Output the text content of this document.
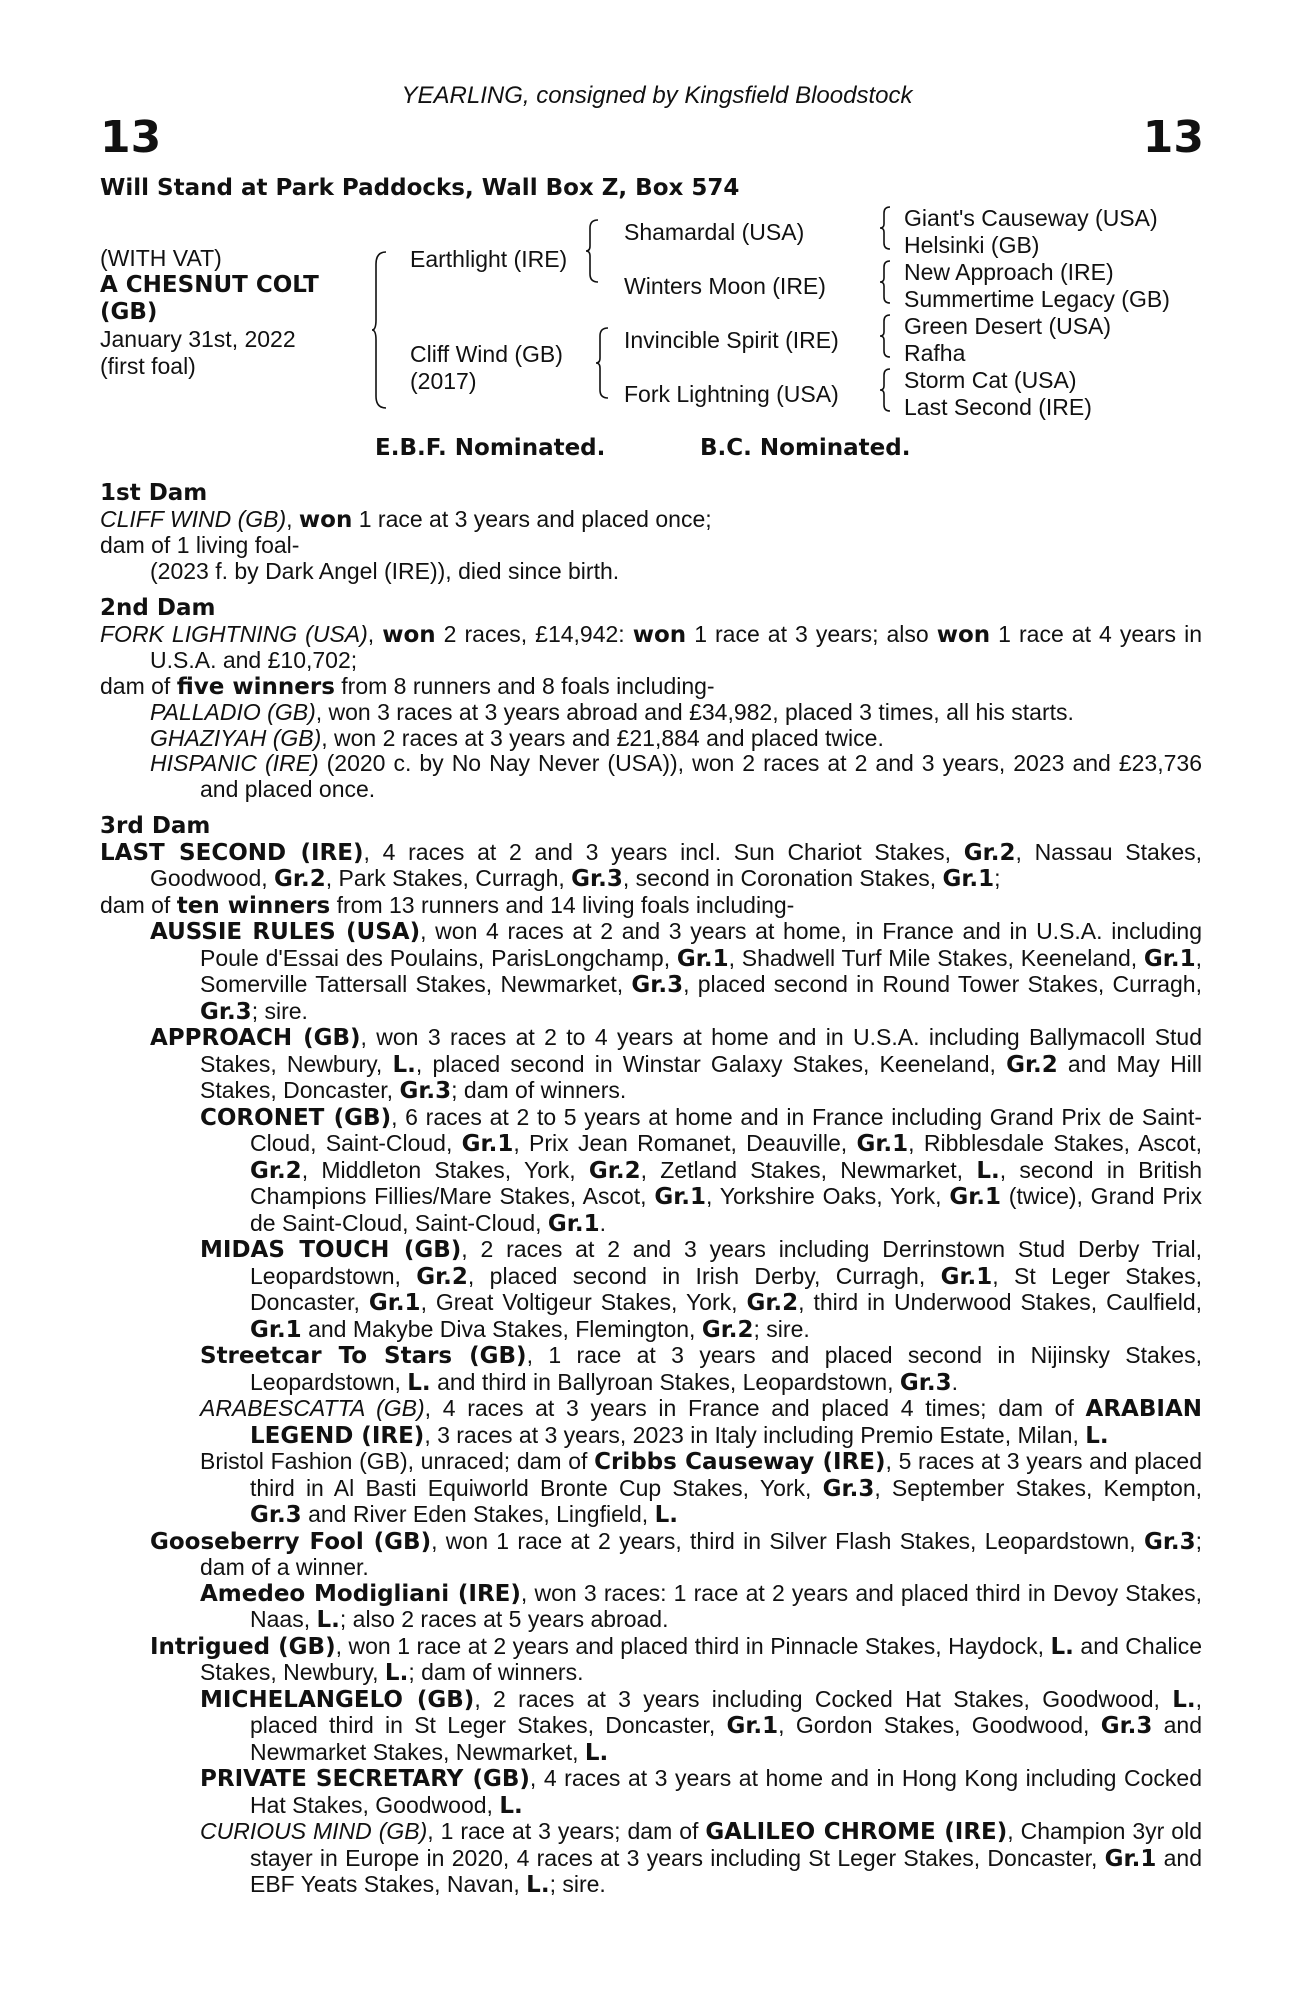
YEARLING, consigned by Kingsfield Bloodstock
13	13
Will Stand at Park Paddocks, Wall Box Z, Box 574
(WITH VAT)
A CHESNUT COLT
(GB)
January 31st, 2022
(first foal)
Earthlight (IRE)
Cliff Wind (GB)
(2017)
Shamardal (USA)
Winters Moon (IRE)
Invincible Spirit (IRE)
Fork Lightning (USA)
Giant's Causeway (USA)
Helsinki (GB)
New Approach (IRE)
Summertime Legacy (GB)
Green Desert (USA)
Rafha
Storm Cat (USA)
Last Second (IRE)
E.B.F. Nominated.	B.C. Nominated.
1st Dam
CLIFF WIND (GB), won 1 race at 3 years and placed once;
dam of 1 living foal-
(2023 f. by Dark Angel (IRE)), died since birth.
2nd Dam
FORK LIGHTNING (USA), won 2 races, £14,942: won 1 race at 3 years; also won 1 race at 4 years in U.S.A. and £10,702;
dam of five winners from 8 runners and 8 foals including-
PALLADIO (GB), won 3 races at 3 years abroad and £34,982, placed 3 times, all his starts.
GHAZIYAH (GB), won 2 races at 3 years and £21,884 and placed twice.
HISPANIC (IRE) (2020 c. by No Nay Never (USA)), won 2 races at 2 and 3 years, 2023 and £23,736 and placed once.
3rd Dam
LAST SECOND (IRE), 4 races at 2 and 3 years incl. Sun Chariot Stakes, Gr.2, Nassau Stakes, Goodwood, Gr.2, Park Stakes, Curragh, Gr.3, second in Coronation Stakes, Gr.1;
dam of ten winners from 13 runners and 14 living foals including-
AUSSIE RULES (USA), won 4 races at 2 and 3 years at home, in France and in U.S.A. including Poule d'Essai des Poulains, ParisLongchamp, Gr.1, Shadwell Turf Mile Stakes, Keeneland, Gr.1, Somerville Tattersall Stakes, Newmarket, Gr.3, placed second in Round Tower Stakes, Curragh, Gr.3; sire.
APPROACH (GB), won 3 races at 2 to 4 years at home and in U.S.A. including Ballymacoll Stud Stakes, Newbury, L., placed second in Winstar Galaxy Stakes, Keeneland, Gr.2 and May Hill Stakes, Doncaster, Gr.3; dam of winners.
CORONET (GB), 6 races at 2 to 5 years at home and in France including Grand Prix de Saint-Cloud, Saint-Cloud, Gr.1, Prix Jean Romanet, Deauville, Gr.1, Ribblesdale Stakes, Ascot, Gr.2, Middleton Stakes, York, Gr.2, Zetland Stakes, Newmarket, L., second in British Champions Fillies/Mare Stakes, Ascot, Gr.1, Yorkshire Oaks, York, Gr.1 (twice), Grand Prix de Saint-Cloud, Saint-Cloud, Gr.1.
MIDAS TOUCH (GB), 2 races at 2 and 3 years including Derrinstown Stud Derby Trial, Leopardstown, Gr.2, placed second in Irish Derby, Curragh, Gr.1, St Leger Stakes, Doncaster, Gr.1, Great Voltigeur Stakes, York, Gr.2, third in Underwood Stakes, Caulfield, Gr.1 and Makybe Diva Stakes, Flemington, Gr.2; sire.
Streetcar To Stars (GB), 1 race at 3 years and placed second in Nijinsky Stakes, Leopardstown, L. and third in Ballyroan Stakes, Leopardstown, Gr.3.
ARABESCATTA (GB), 4 races at 3 years in France and placed 4 times; dam of ARABIAN LEGEND (IRE), 3 races at 3 years, 2023 in Italy including Premio Estate, Milan, L.
Bristol Fashion (GB), unraced; dam of Cribbs Causeway (IRE), 5 races at 3 years and placed third in Al Basti Equiworld Bronte Cup Stakes, York, Gr.3, September Stakes, Kempton, Gr.3 and River Eden Stakes, Lingfield, L.
Gooseberry Fool (GB), won 1 race at 2 years, third in Silver Flash Stakes, Leopardstown, Gr.3; dam of a winner.
Amedeo Modigliani (IRE), won 3 races: 1 race at 2 years and placed third in Devoy Stakes, Naas, L.; also 2 races at 5 years abroad.
Intrigued (GB), won 1 race at 2 years and placed third in Pinnacle Stakes, Haydock, L. and Chalice Stakes, Newbury, L.; dam of winners.
MICHELANGELO (GB), 2 races at 3 years including Cocked Hat Stakes, Goodwood, L., placed third in St Leger Stakes, Doncaster, Gr.1, Gordon Stakes, Goodwood, Gr.3 and Newmarket Stakes, Newmarket, L.
PRIVATE SECRETARY (GB), 4 races at 3 years at home and in Hong Kong including Cocked Hat Stakes, Goodwood, L.
CURIOUS MIND (GB), 1 race at 3 years; dam of GALILEO CHROME (IRE), Champion 3yr old stayer in Europe in 2020, 4 races at 3 years including St Leger Stakes, Doncaster, Gr.1 and EBF Yeats Stakes, Navan, L.; sire.
